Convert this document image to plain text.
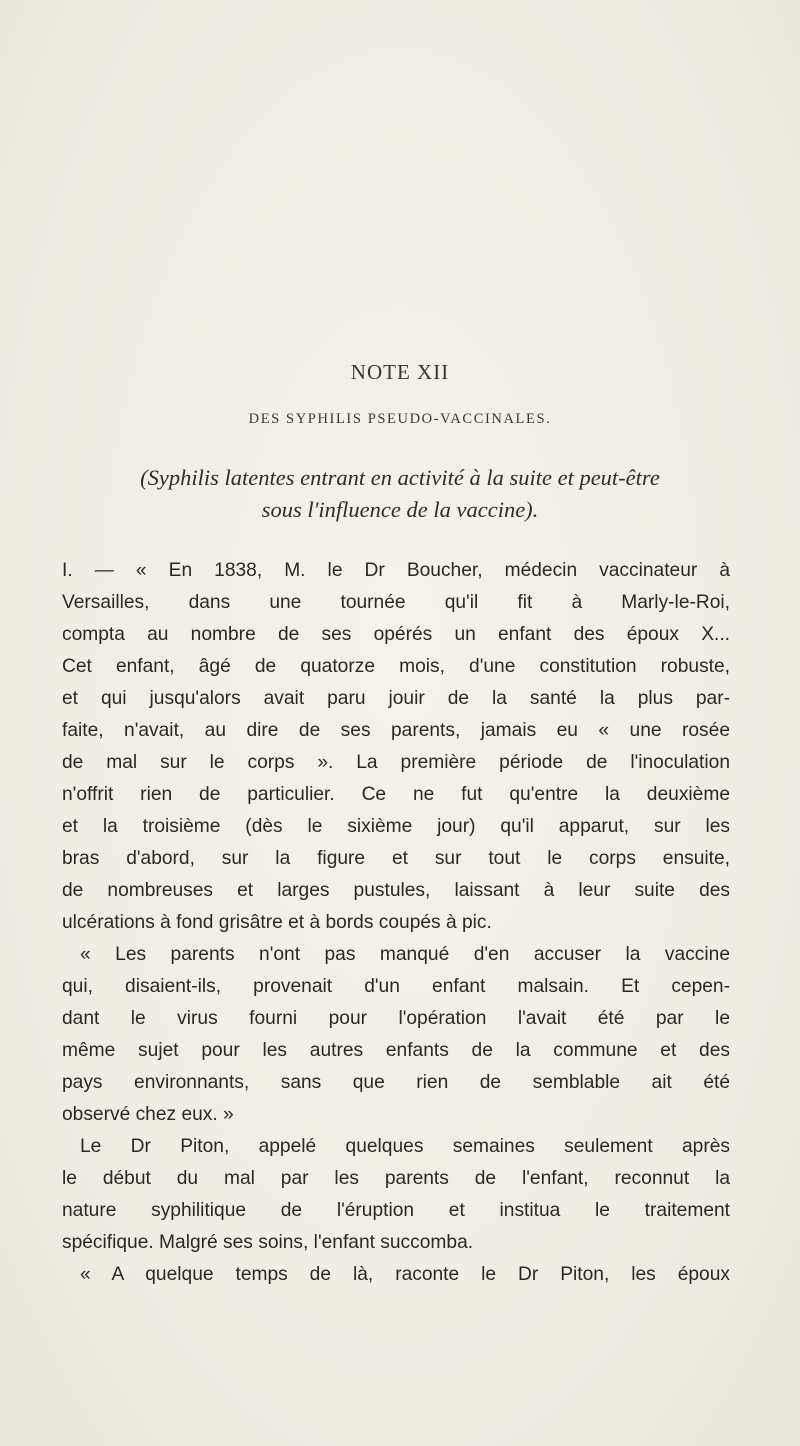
NOTE XII
DES SYPHILIS PSEUDO-VACCINALES.
(Syphilis latentes entrant en activité à la suite et peut-être
sous l'influence de la vaccine).
I. — « En 1838, M. le Dr Boucher, médecin vaccinateur à
Versailles, dans une tournée qu'il fit à Marly-le-Roi,
compta au nombre de ses opérés un enfant des époux X...
Cet enfant, âgé de quatorze mois, d'une constitution robuste,
et qui jusqu'alors avait paru jouir de la santé la plus par-
faite, n'avait, au dire de ses parents, jamais eu « une rosée
de mal sur le corps ». La première période de l'inoculation
n'offrit rien de particulier. Ce ne fut qu'entre la deuxième
et la troisième (dès le sixième jour) qu'il apparut, sur les
bras d'abord, sur la figure et sur tout le corps ensuite,
de nombreuses et larges pustules, laissant à leur suite des
ulcérations à fond grisâtre et à bords coupés à pic.
« Les parents n'ont pas manqué d'en accuser la vaccine
qui, disaient-ils, provenait d'un enfant malsain. Et cepen-
dant le virus fourni pour l'opération l'avait été par le
même sujet pour les autres enfants de la commune et des
pays environnants, sans que rien de semblable ait été
observé chez eux. »
Le Dr Piton, appelé quelques semaines seulement après
le début du mal par les parents de l'enfant, reconnut la
nature syphilitique de l'éruption et institua le traitement
spécifique. Malgré ses soins, l'enfant succomba.
« A quelque temps de là, raconte le Dr Piton, les époux
